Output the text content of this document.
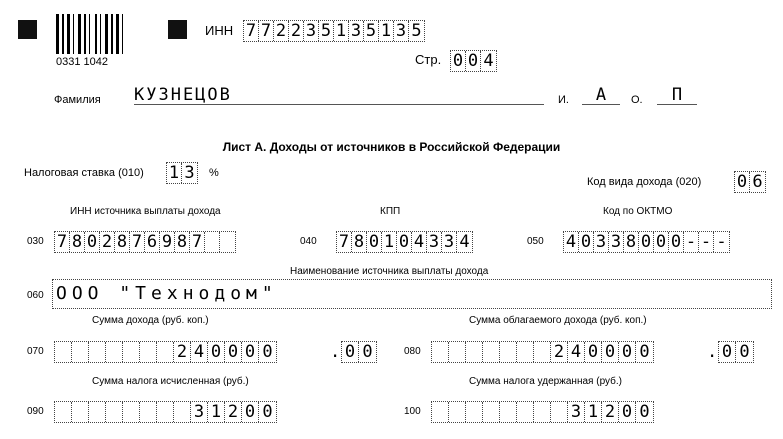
0331 1042
ИНН 7 7 2 2 3 5 1 3 5 1 3 5
Стр. 0 0 4
Фамилия КУЗНЕЦОВ	И.	А	О.	П
Лист А. Доходы от источников в Российской Федерации
Налоговая ставка (010) 1 3 %
Код вида дохода (020) 0 6
ИНН источника выплаты дохода
030 7 8 0 2 8 7 6 9 8 7
КПП
040 7 8 0 1 0 4 3 3 4
Код по ОКТМО
050 4 0 3 3 8 0 0 0 - - -
Наименование источника выплаты дохода
060 ООО "Технодом"
Сумма дохода (руб. коп.)
070	2 4 0 0 0 0	. 0 0
Сумма облагаемого дохода (руб. коп.)
080	2 4 0 0 0 0	. 0 0
Сумма налога исчисленная (руб.)
090	3 1 2 0 0
Сумма налога удержанная (руб.)
100	3 1 2 0 0
